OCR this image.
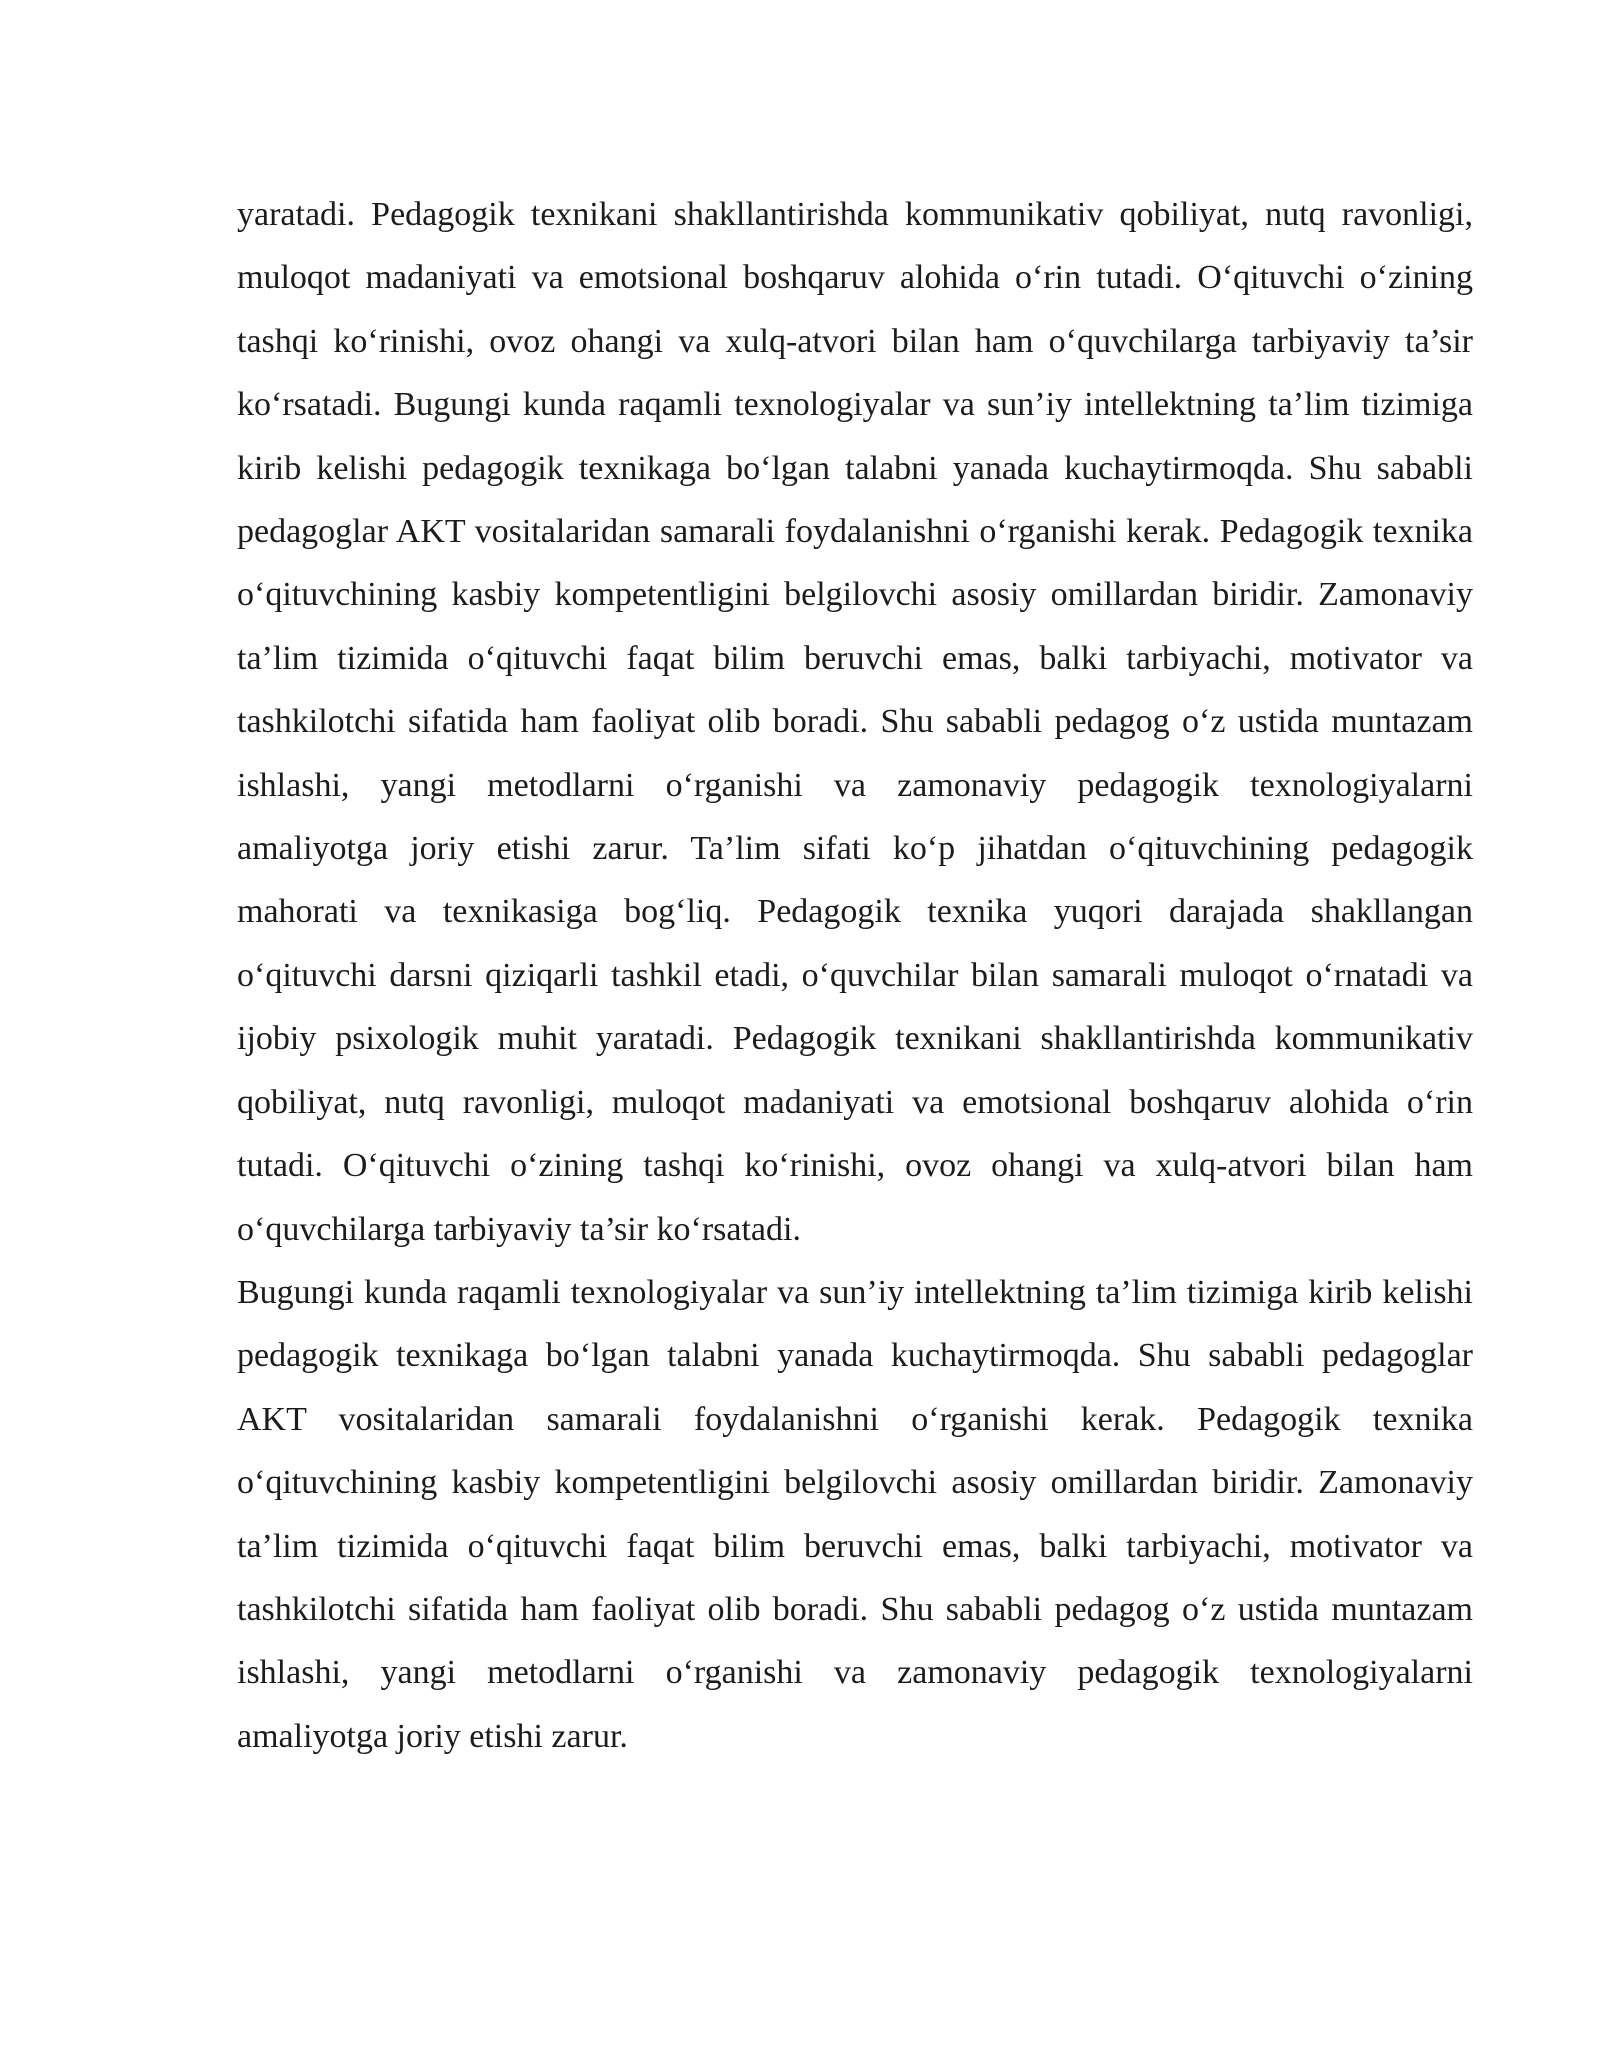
yaratadi. Pedagogik texnikani shakllantirishda kommunikativ qobiliyat, nutq ravonligi, muloqot madaniyati va emotsional boshqaruv alohida o‘rin tutadi. O‘qituvchi o‘zining tashqi ko‘rinishi, ovoz ohangi va xulq-atvori bilan ham o‘quvchilarga tarbiyaviy ta’sir ko‘rsatadi. Bugungi kunda raqamli texnologiyalar va sun’iy intellektning ta’lim tizimiga kirib kelishi pedagogik texnikaga bo‘lgan talabni yanada kuchaytirmoqda. Shu sababli pedagoglar AKT vositalaridan samarali foydalanishni o‘rganishi kerak. Pedagogik texnika o‘qituvchining kasbiy kompetentligini belgilovchi asosiy omillardan biridir. Zamonaviy ta’lim tizimida o‘qituvchi faqat bilim beruvchi emas, balki tarbiyachi, motivator va tashkilotchi sifatida ham faoliyat olib boradi. Shu sababli pedagog o‘z ustida muntazam ishlashi, yangi metodlarni o‘rganishi va zamonaviy pedagogik texnologiyalarni amaliyotga joriy etishi zarur. Ta’lim sifati ko‘p jihatdan o‘qituvchining pedagogik mahorati va texnikasiga bog‘liq. Pedagogik texnika yuqori darajada shakllangan o‘qituvchi darsni qiziqarli tashkil etadi, o‘quvchilar bilan samarali muloqot o‘rnatadi va ijobiy psixologik muhit yaratadi. Pedagogik texnikani shakllantirishda kommunikativ qobiliyat, nutq ravonligi, muloqot madaniyati va emotsional boshqaruv alohida o‘rin tutadi. O‘qituvchi o‘zining tashqi ko‘rinishi, ovoz ohangi va xulq-atvori bilan ham o‘quvchilarga tarbiyaviy ta’sir ko‘rsatadi.

Bugungi kunda raqamli texnologiyalar va sun’iy intellektning ta’lim tizimiga kirib kelishi pedagogik texnikaga bo‘lgan talabni yanada kuchaytirmoqda. Shu sababli pedagoglar AKT vositalaridan samarali foydalanishni o‘rganishi kerak. Pedagogik texnika o‘qituvchining kasbiy kompetentligini belgilovchi asosiy omillardan biridir. Zamonaviy ta’lim tizimida o‘qituvchi faqat bilim beruvchi emas, balki tarbiyachi, motivator va tashkilotchi sifatida ham faoliyat olib boradi. Shu sababli pedagog o‘z ustida muntazam ishlashi, yangi metodlarni o‘rganishi va zamonaviy pedagogik texnologiyalarni amaliyotga joriy etishi zarur.
